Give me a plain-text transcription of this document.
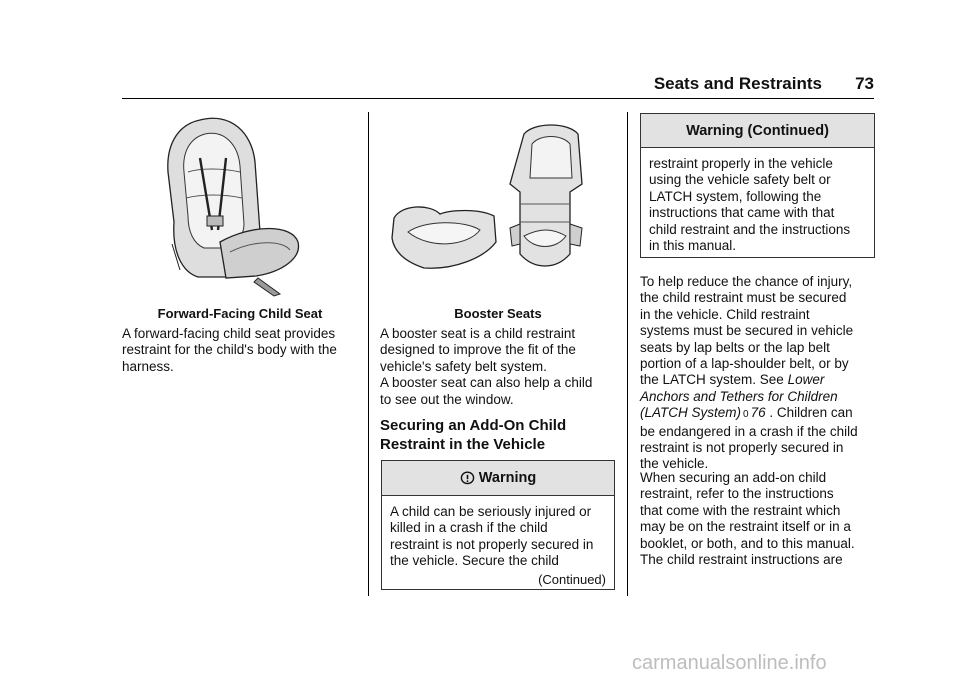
Seats and Restraints 73
Forward-Facing Child Seat

A forward-facing child seat provides
restraint for the child's body with the
harness.

Booster Seats

A booster seat is a child restraint
designed to improve the fit of the
vehicle's safety belt system.
A booster seat can also help a child
to see out the window.

Securing an Add-On Child
Restraint in the Vehicle
Warning

A child can be seriously injured or
killed in a crash if the child
restraint is not properly secured in
the vehicle. Secure the child

(Continued)
Warning (Continued)

restraint properly in the vehicle
using the vehicle safety belt or
LATCH system, following the
instructions that came with that
child restraint and the instructions
in this manual.

To help reduce the chance of injury,
the child restraint must be secured
in the vehicle. Child restraint
systems must be secured in vehicle
seats by lap belts or the lap belt
portion of a lap-shoulder belt, or by
the LATCH system. See Lower
Anchors and Tethers for Children
(LATCH System) 0 76 . Children can
be endangered in a crash if the child
restraint is not properly secured in
the vehicle.

When securing an add-on child
restraint, refer to the instructions
that come with the restraint which
may be on the restraint itself or in a
booklet, or both, and to this manual.
The child restraint instructions are

carmanualsonline.info
